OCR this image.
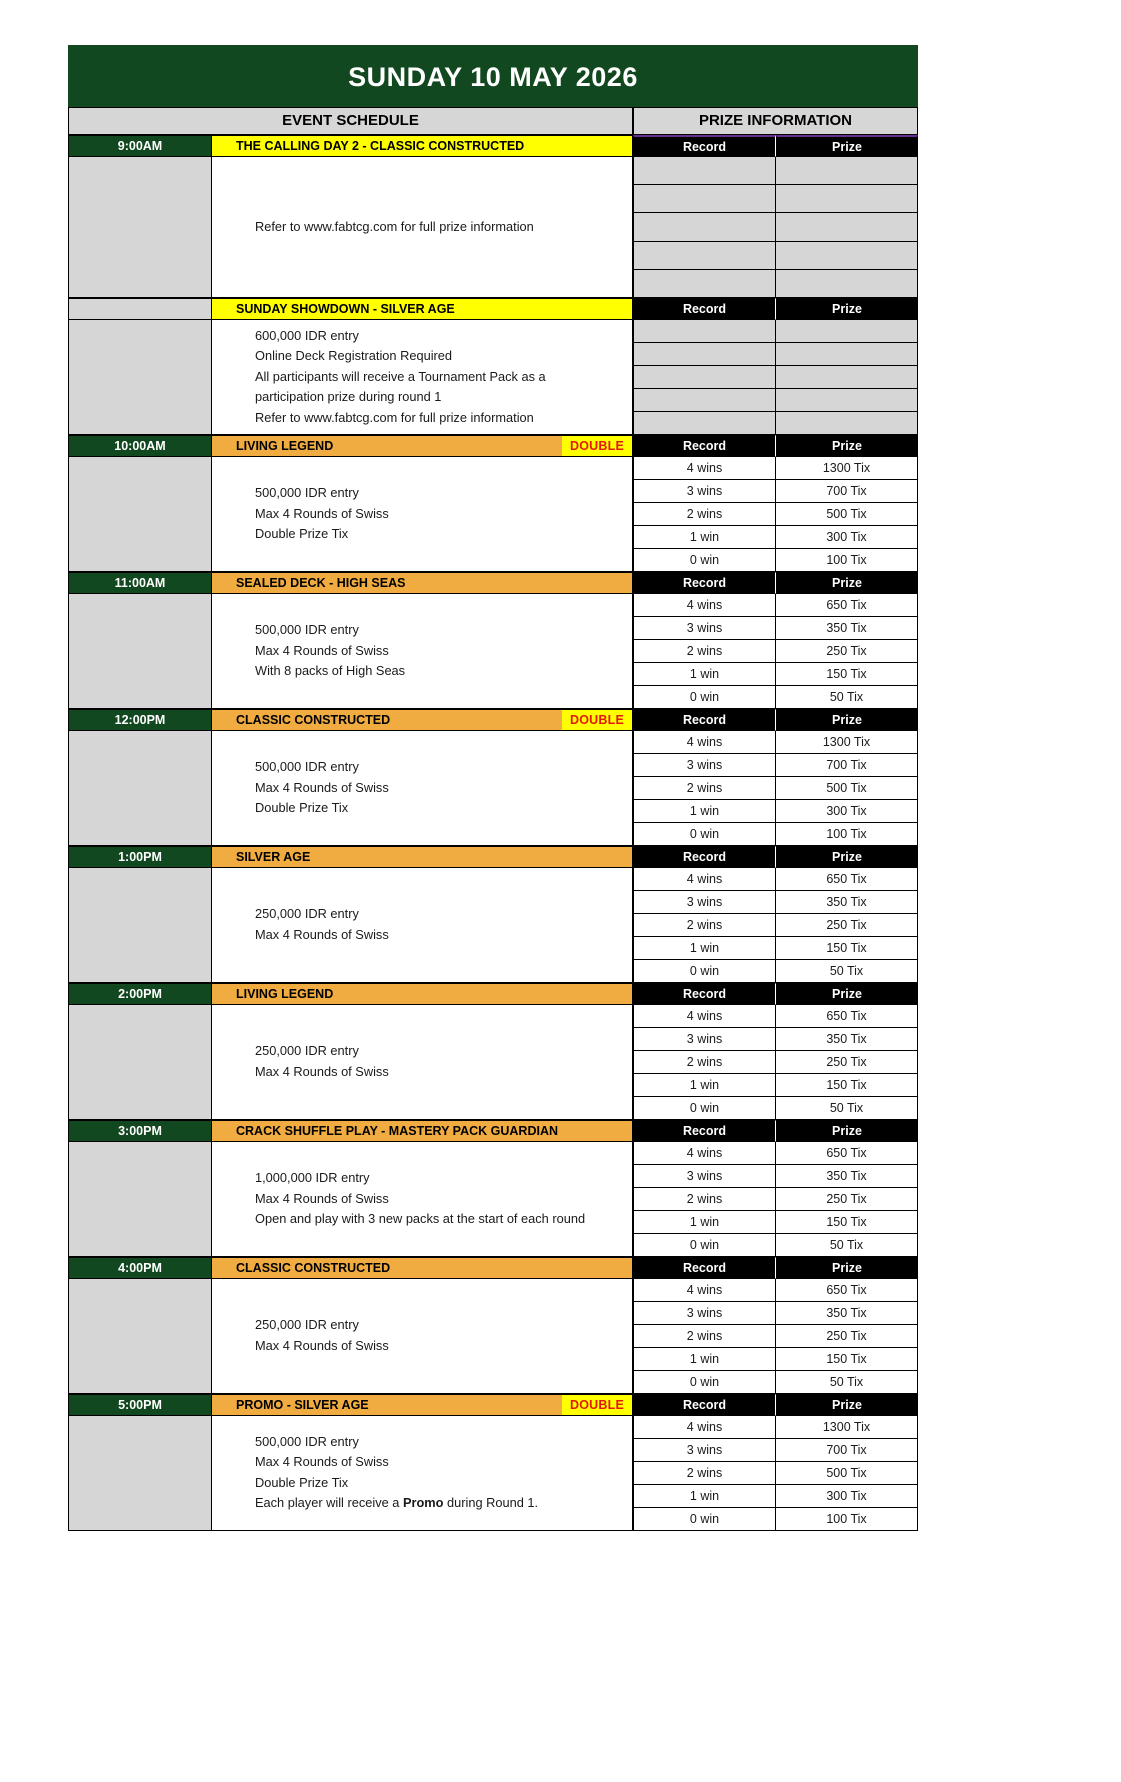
SUNDAY 10 MAY 2026
EVENT SCHEDULE	PRIZE INFORMATION
9:00AM	THE CALLING DAY 2 - CLASSIC CONSTRUCTED
Refer to www.fabtcg.com for full prize information
Record	Prize
SUNDAY SHOWDOWN - SILVER AGE
600,000 IDR entry
Online Deck Registration Required
All participants will receive a Tournament Pack as a
participation prize during round 1
Refer to www.fabtcg.com for full prize information
Record	Prize
10:00AM	LIVING LEGEND	DOUBLE
500,000 IDR entry
Max 4 Rounds of Swiss
Double Prize Tix
Record	Prize
4 wins	1300 Tix
3 wins	700 Tix
2 wins	500 Tix
1 win	300 Tix
0 win	100 Tix
11:00AM	SEALED DECK - HIGH SEAS
500,000 IDR entry
Max 4 Rounds of Swiss
With 8 packs of High Seas
Record	Prize
4 wins	650 Tix
3 wins	350 Tix
2 wins	250 Tix
1 win	150 Tix
0 win	50 Tix
12:00PM	CLASSIC CONSTRUCTED	DOUBLE
500,000 IDR entry
Max 4 Rounds of Swiss
Double Prize Tix
Record	Prize
4 wins	1300 Tix
3 wins	700 Tix
2 wins	500 Tix
1 win	300 Tix
0 win	100 Tix
1:00PM	SILVER AGE
250,000 IDR entry
Max 4 Rounds of Swiss
Record	Prize
4 wins	650 Tix
3 wins	350 Tix
2 wins	250 Tix
1 win	150 Tix
0 win	50 Tix
2:00PM	LIVING LEGEND
250,000 IDR entry
Max 4 Rounds of Swiss
Record	Prize
4 wins	650 Tix
3 wins	350 Tix
2 wins	250 Tix
1 win	150 Tix
0 win	50 Tix
3:00PM	CRACK SHUFFLE PLAY - MASTERY PACK GUARDIAN
1,000,000 IDR entry
Max 4 Rounds of Swiss
Open and play with 3 new packs at the start of each round
Record	Prize
4 wins	650 Tix
3 wins	350 Tix
2 wins	250 Tix
1 win	150 Tix
0 win	50 Tix
4:00PM	CLASSIC CONSTRUCTED
250,000 IDR entry
Max 4 Rounds of Swiss
Record	Prize
4 wins	650 Tix
3 wins	350 Tix
2 wins	250 Tix
1 win	150 Tix
0 win	50 Tix
5:00PM	PROMO - SILVER AGE	DOUBLE
500,000 IDR entry
Max 4 Rounds of Swiss
Double Prize Tix
Each player will receive a Promo during Round 1.
Record	Prize
4 wins	1300 Tix
3 wins	700 Tix
2 wins	500 Tix
1 win	300 Tix
0 win	100 Tix
